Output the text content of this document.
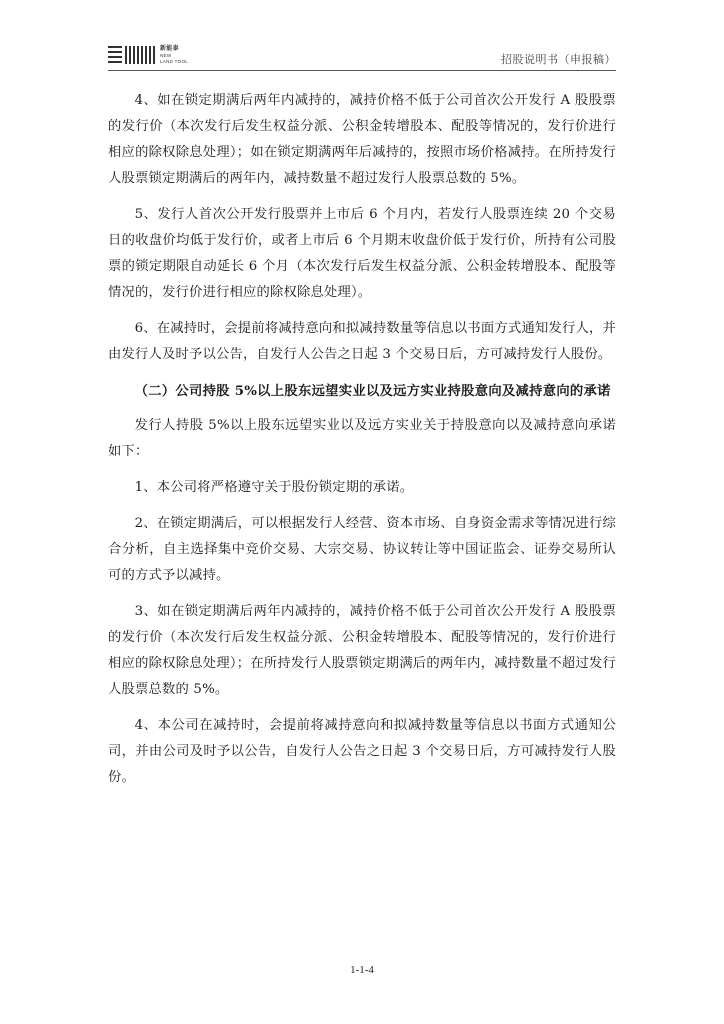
新能泰
NEW
LAND TOOL	招股说明书（申报稿）

4、如在锁定期满后两年内减持的，减持价格不低于公司首次公开发行 A 股股票的发行价（本次发行后发生权益分派、公积金转增股本、配股等情况的，发行价进行相应的除权除息处理）；如在锁定期满两年后减持的，按照市场价格减持。在所持发行人股票锁定期满后的两年内，减持数量不超过发行人股票总数的 5%。

5、发行人首次公开发行股票并上市后 6 个月内，若发行人股票连续 20 个交易日的收盘价均低于发行价，或者上市后 6 个月期末收盘价低于发行价，所持有公司股票的锁定期限自动延长 6 个月（本次发行后发生权益分派、公积金转增股本、配股等情况的，发行价进行相应的除权除息处理）。

6、在减持时，会提前将减持意向和拟减持数量等信息以书面方式通知发行人，并由发行人及时予以公告，自发行人公告之日起 3 个交易日后，方可减持发行人股份。

（二）公司持股 5%以上股东远望实业以及远方实业持股意向及减持意向的承诺

发行人持股 5%以上股东远望实业以及远方实业关于持股意向以及减持意向承诺如下：

1、本公司将严格遵守关于股份锁定期的承诺。

2、在锁定期满后，可以根据发行人经营、资本市场、自身资金需求等情况进行综合分析，自主选择集中竞价交易、大宗交易、协议转让等中国证监会、证券交易所认可的方式予以减持。

3、如在锁定期满后两年内减持的，减持价格不低于公司首次公开发行 A 股股票的发行价（本次发行后发生权益分派、公积金转增股本、配股等情况的，发行价进行相应的除权除息处理）；在所持发行人股票锁定期满后的两年内，减持数量不超过发行人股票总数的 5%。

4、本公司在减持时，会提前将减持意向和拟减持数量等信息以书面方式通知公司，并由公司及时予以公告，自发行人公告之日起 3 个交易日后，方可减持发行人股份。

1-1-4
